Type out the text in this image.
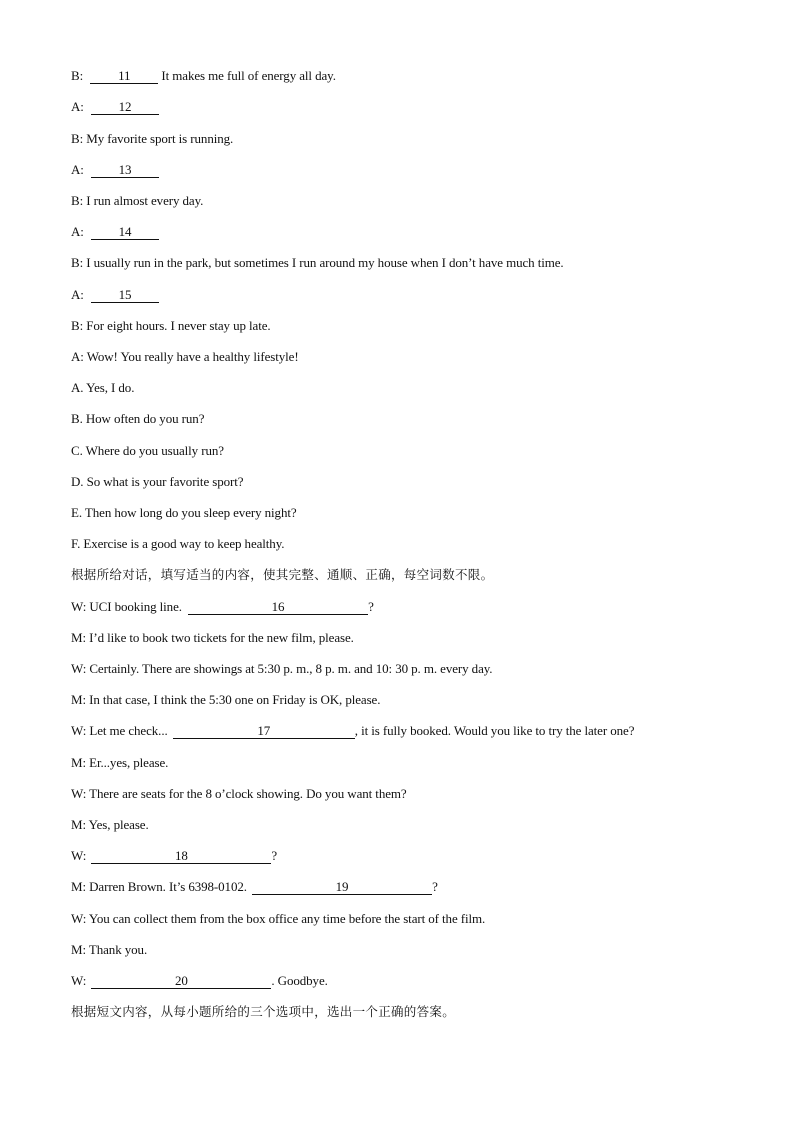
B:	11 It makes me full of energy all day.
A:	12
B: My favorite sport is running.
A:	13
B: I run almost every day.
A:	14
B: I usually run in the park, but sometimes I run around my house when I don’t have much time.
A:	15
B: For eight hours. I never stay up late.
A: Wow! You really have a healthy lifestyle!
A. Yes, I do.
B. How often do you run?
C. Where do you usually run?
D. So what is your favorite sport?
E. Then how long do you sleep every night?
F. Exercise is a good way to keep healthy.
根据所给对话，填写适当的内容，使其完整、通顺、正确，每空词数不限。
W: UCI booking line.	16	?
M: I’d like to book two tickets for the new film, please.
W: Certainly. There are showings at 5:30 p. m., 8 p. m. and 10: 30 p. m. every day.
M: In that case, I think the 5:30 one on Friday is OK, please.
W: Let me check...	17	, it is fully booked. Would you like to try the later one?
M: Er...yes, please.
W: There are seats for the 8 o’clock showing. Do you want them?
M: Yes, please.
W:	18	?
M: Darren Brown. It’s 6398-0102.	19	?
W: You can collect them from the box office any time before the start of the film.
M: Thank you.
W:	20	. Goodbye.
根据短文内容，从每小题所给的三个选项中，选出一个正确的答案。
